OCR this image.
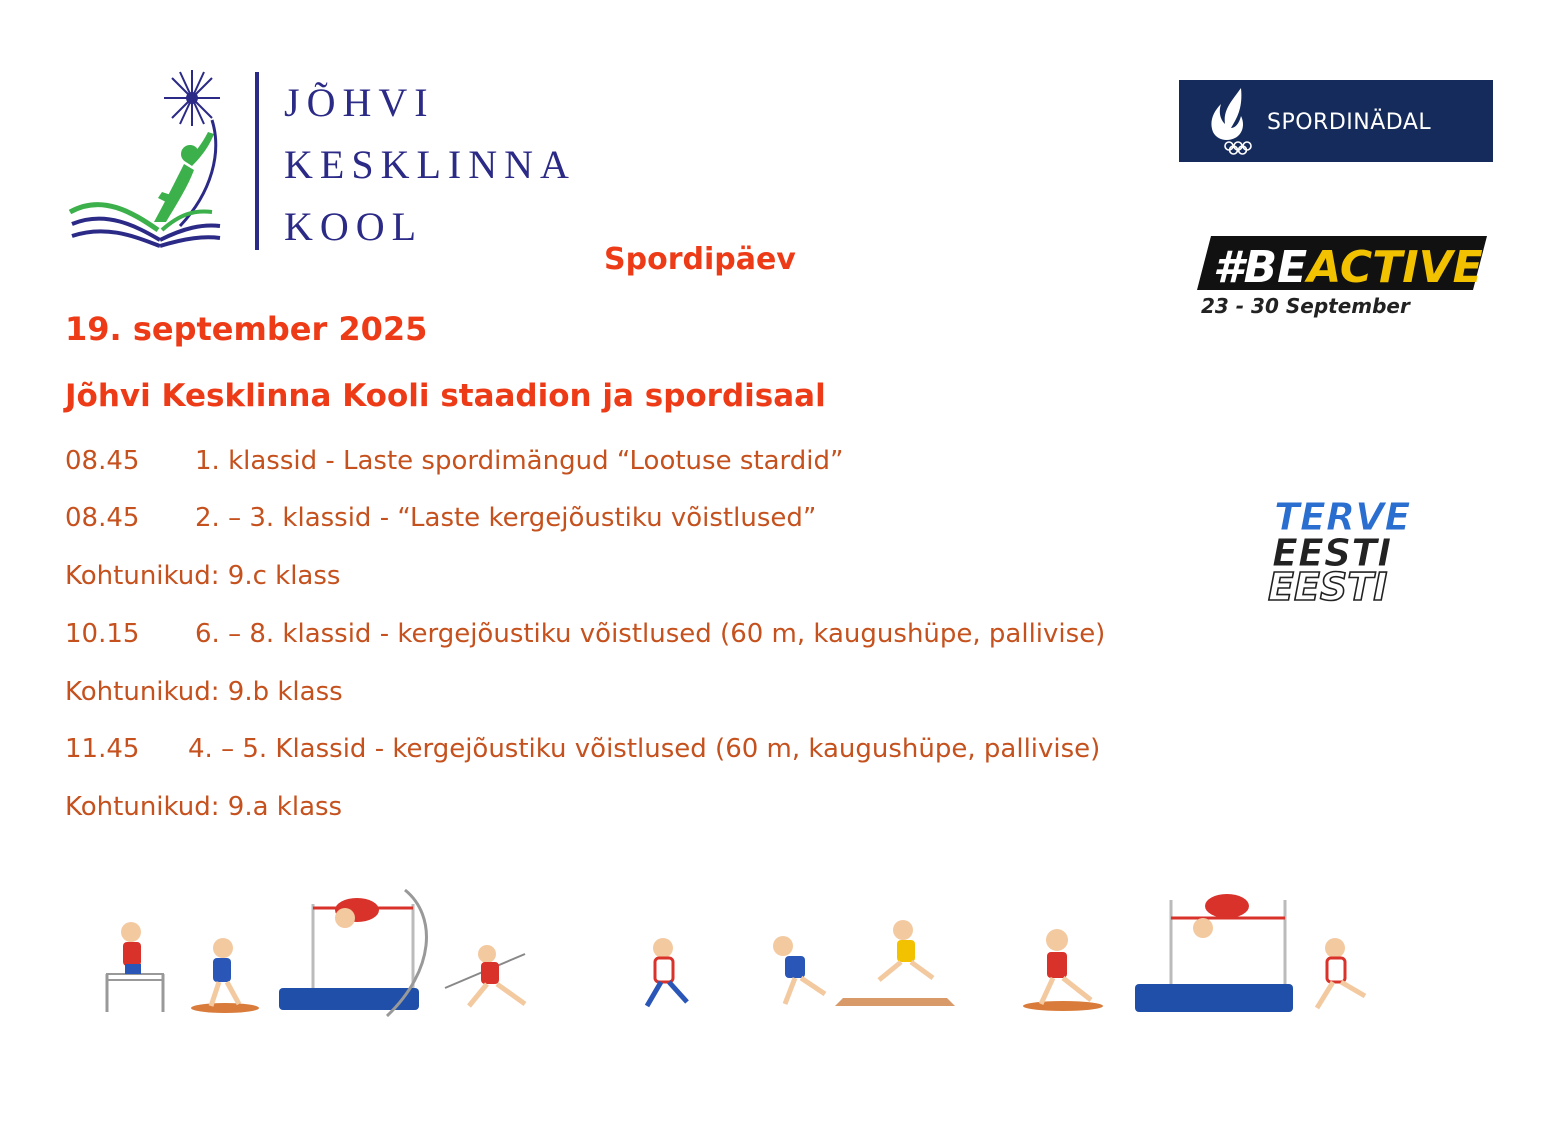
JÕHVI
KESKLINNA
KOOL
SPORDINÄDAL
#BEACTIVE
23 - 30 September
TERVE
EESTI
EESTI
Spordipäev
19. september 2025
Jõhvi Kesklinna Kooli staadion ja spordisaal
08.45 1. klassid - Laste spordimängud “Lootuse stardid”
08.45 2. – 3. klassid - “Laste kergejõustiku võistlused”
Kohtunikud: 9.c klass
10.15 6. – 8. klassid - kergejõustiku võistlused (60 m, kaugushüpe, pallivise)
Kohtunikud: 9.b klass
11.45 4. – 5. Klassid - kergejõustiku võistlused (60 m, kaugushüpe, pallivise)
Kohtunikud: 9.a klass
